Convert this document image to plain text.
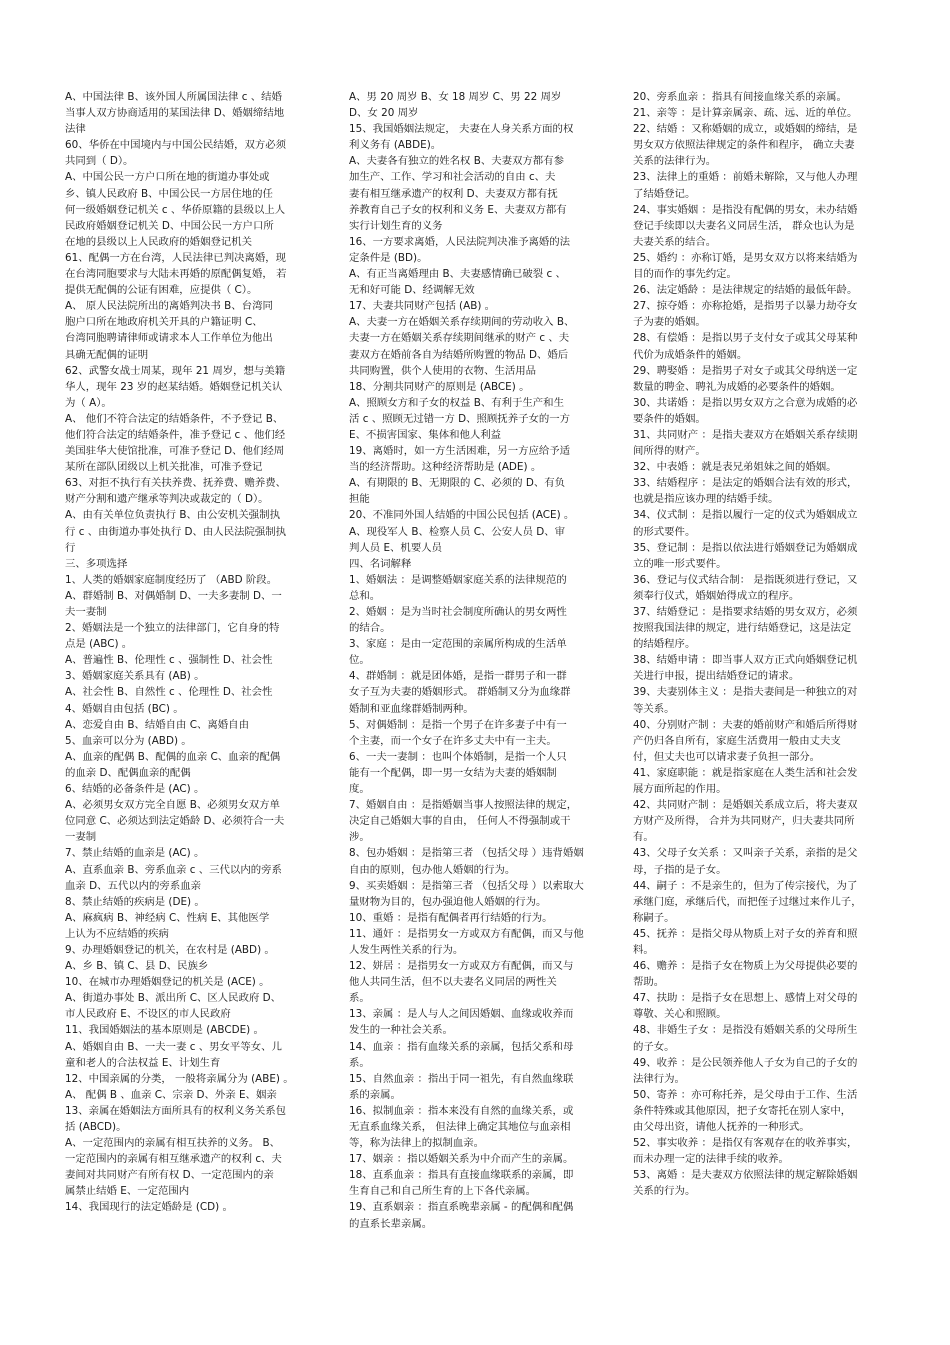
A、中国法律 B、该外国人所属国法律 c 、结婚
当事人双方协商适用的某国法律 D、婚姻缔结地
法律
60、华侨在中国境内与中国公民结婚，双方必须
共同到（ D）。
A、中国公民一方户口所在地的街道办事处或
乡、镇人民政府 B、中国公民一方居住地的任
何一级婚姻登记机关 c 、华侨原籍的县级以上人
民政府婚姻登记机关 D、中国公民一方户口所
在地的县级以上人民政府的婚姻登记机关
61、配偶一方在台湾，人民法律已判决离婚，现
在台湾同胞要求与大陆未再婚的原配偶复婚， 若
提供无配偶的公证有困难，应提供（ C）。
A、 原人民法院所出的离婚判决书 B、台湾同
胞户口所在地政府机关开具的户籍证明 C、
台湾同胞聘请律师或请求本人工作单位为他出
具确无配偶的证明
62、武警女战士周某，现年 21 周岁，想与美籍
华人，现年 23 岁的赵某结婚。婚姻登记机关认
为（ A）。
A、 他们不符合法定的结婚条件，不予登记 B、
他们符合法定的结婚条件，准予登记 c 、他们经
美国驻华大使馆批准，可准予登记 D、他们经周
某所在部队团级以上机关批准，可准予登记
63、对拒不执行有关扶养费、抚养费、赡养费、
财产分割和遗产继承等判决或裁定的（ D）。
A、由有关单位负责执行 B、由公安机关强制执
行 c 、由街道办事处执行 D、由人民法院强制执
行
三、多项选择
1、人类的婚姻家庭制度经历了 （ABD 阶段。
A、群婚制 B、对偶婚制 D、一夫多妻制 D、一
夫一妻制
2、婚姻法是一个独立的法律部门，它自身的特
点是 (ABC) 。
A、普遍性 B、伦理性 c 、强制性 D、社会性
3、婚姻家庭关系具有 (AB) 。
A、社会性 B、自然性 c 、伦理性 D、社会性
4、婚姻自由包括 (BC) 。
A、恋爱自由 B、结婚自由 C、离婚自由
5、血亲可以分为 (ABD) 。
A、血亲的配偶 B、配偶的血亲 C、血亲的配偶
的血亲 D、配偶血亲的配偶
6、结婚的必备条件是 (AC) 。
A、必须男女双方完全自愿 B、必须男女双方单
位同意 C、必须达到法定婚龄 D、必须符合一夫
一妻制
7、禁止结婚的血亲是 (AC) 。
A、直系血亲 B、旁系血亲 c 、三代以内的旁系
血亲 D、五代以内的旁系血亲
8、禁止结婚的疾病是 (DE) 。
A、麻疯病 B、神经病 C、性病 E、其他医学
上认为不应结婚的疾病
9、办理婚姻登记的机关，在农村是 (ABD) 。
A、乡 B、镇 C、县 D、民族乡
10、在城市办理婚姻登记的机关是 (ACE) 。
A、街道办事处 B、派出所 C、区人民政府 D、
市人民政府 E、不设区的市人民政府
11、我国婚姻法的基本原则是 (ABCDE) 。
A、婚姻自由 B、一夫一妻 c 、男女平等女、儿
童和老人的合法权益 E、计划生育
12、中国亲属的分类， 一般将亲属分为 (ABE) 。
A、 配偶 B 、血亲 C、宗亲 D、外亲 E、姻亲
13、亲属在婚姻法方面所具有的权利义务关系包
括 (ABCD)。
A、一定范围内的亲属有相互扶养的义务。 B、
一定范围内的亲属有相互继承遗产的权利 c、夫
妻间对共同财产有所有权 D、一定范围内的亲
属禁止结婚 E、一定范围内
14、我国现行的法定婚龄是 (CD) 。
A、男 20 周岁 B、女 18 周岁 C、男 22 周岁
D、女 20 周岁
15、我国婚姻法规定， 夫妻在人身关系方面的权
利义务有 (ABDE)。
A、夫妻各有独立的姓名权 B、夫妻双方都有参
加生产、工作、学习和社会活动的自由 c、夫
妻有相互继承遗产的权利 D、夫妻双方都有抚
养教育自己子女的权利和义务 E、夫妻双方都有
实行计划生育的义务
16、一方要求离婚，人民法院判决准予离婚的法
定条件是 (BD)。
A、有正当离婚理由 B、夫妻感情确已破裂 c 、
无和好可能 D、经调解无效
17、夫妻共同财产包括 (AB) 。
A、夫妻一方在婚姻关系存续期间的劳动收入 B、
夫妻一方在婚姻关系存续期间继承的财产 c 、夫
妻双方在婚前各自为结婚所购置的物品 D、婚后
共同购置，供个人使用的衣物、生活用品
18、分割共同财产的原则是 (ABCE) 。
A、照顾女方和子女的权益 B、有利于生产和生
活 c 、照顾无过错一方 D、照顾抚养子女的一方
E、不损害国家、集体和他人利益
19、离婚时，如一方生活困难，另一方应给予适
当的经济帮助。这种经济帮助是 (ADE) 。
A、有期限的 B、无期限的 C、必须的 D、有负
担能
20、不准同外国人结婚的中国公民包括 (ACE) 。
A、现役军人 B、检察人员 C、公安人员 D、审
判人员 E、机要人员
四、名词解释
1、婚姻法 ：是调整婚姻家庭关系的法律规范的
总和。
2、婚姻 ：是为当时社会制度所确认的男女两性
的结合。
3、家庭 ：是由一定范围的亲属所构成的生活单
位。
4、群婚制 ：就是团体婚，是指一群男子和一群
女子互为夫妻的婚姻形式。 群婚制又分为血缘群
婚制和亚血缘群婚制两种。
5、对偶婚制 ：是指一个男子在许多妻子中有一
个主妻，而一个女子在许多丈夫中有一主夫。
6、一夫一妻制 ：也叫个体婚制，是指一个人只
能有一个配偶，即一男一女结为夫妻的婚姻制
度。
7、婚姻自由 ：是指婚姻当事人按照法律的规定，
决定自己婚姻大事的自由， 任何人不得强制或干
涉。
8、包办婚姻 ：是指第三者 （包括父母 ）违背婚姻
自由的原则，包办他人婚姻的行为。
9、买卖婚姻 ：是指第三者 （包括父母 ）以索取大
量财物为目的，包办强迫他人婚姻的行为。
10、重婚 ：是指有配偶者再行结婚的行为。
11、通奸 ：是指男女一方或双方有配偶，而又与他
人发生两性关系的行为。
12、姘居 ：是指男女一方或双方有配偶，而又与
他人共同生活，但不以夫妻名义同居的两性关
系。
13、亲属 ：是人与人之间因婚姻、血缘或收养而
发生的一种社会关系。
14、血亲 ：指有血缘关系的亲属，包括父系和母
系。
15、自然血亲 ：指出于同一祖先，有自然血缘联
系的亲属。
16、拟制血亲 ：指本来没有自然的血缘关系，或
无直系血缘关系， 但法律上确定其地位与血亲相
等，称为法律上的拟制血亲。
17、姻亲 ：指以婚姻关系为中介而产生的亲属。
18、直系血亲 ：指具有直接血缘联系的亲属，即
生育自己和自己所生育的上下各代亲属。
19、直系姻亲 ：指直系晚辈亲属 - 的配偶和配偶
的直系长辈亲属。
20、旁系血亲 ：指具有间接血缘关系的亲属。
21、亲等 ：是计算亲属亲、疏、远、近的单位。
22、结婚 ：又称婚姻的成立，或婚姻的缔结，是
男女双方依照法律规定的条件和程序， 确立夫妻
关系的法律行为。
23、法律上的重婚 ：前婚未解除，又与他人办理
了结婚登记。
24、事实婚姻 ：是指没有配偶的男女，未办结婚
登记手续即以夫妻名义同居生活， 群众也认为是
夫妻关系的结合。
25、婚约 ：亦称订婚，是男女双方以将来结婚为
目的而作的事先约定。
26、法定婚龄 ：是法律规定的结婚的最低年龄。
27、掠夺婚 ：亦称抢婚，是指男子以暴力劫夺女
子为妻的婚姻。
28、有偿婚 ：是指以男子支付女子或其父母某种
代价为成婚条件的婚姻。
29、聘娶婚 ：是指男子对女子或其父母纳送一定
数量的聘金、聘礼为成婚的必要条件的婚姻。
30、共诺婚 ：是指以男女双方之合意为成婚的必
要条件的婚姻。
31、共同财产 ：是指夫妻双方在婚姻关系存续期
间所得的财产。
32、中表婚 ：就是表兄弟姐妹之间的婚姻。
33、结婚程序 ：是法定的婚姻合法有效的形式，
也就是指应该办理的结婚手续。
34、仪式制 ：是指以履行一定的仪式为婚姻成立
的形式要件。
35、登记制 ：是指以依法进行婚姻登记为婚姻成
立的唯一形式要件。
36、登记与仪式结合制： 是指既须进行登记，又
须奉行仪式，婚姻始得成立的程序。
37、结婚登记 ：是指要求结婚的男女双方，必须
按照我国法律的规定，进行结婚登记，这是法定
的结婚程序。
38、结婚申请 ：即当事人双方正式向婚姻登记机
关进行申报，提出结婚登记的请求。
39、夫妻别体主义 ：是指夫妻间是一种独立的对
等关系。
40、分别财产制 ：夫妻的婚前财产和婚后所得财
产仍归各自所有，家庭生活费用一般由丈夫支
付，但丈夫也可以请求妻子负担一部分。
41、家庭职能 ：就是指家庭在人类生活和社会发
展方面所起的作用。
42、共同财产制 ：是婚姻关系成立后，将夫妻双
方财产及所得， 合并为共同财产，归夫妻共同所
有。
43、父母子女关系 ：又叫亲子关系，亲指的是父
母，子指的是子女。
44、嗣子 ：不是亲生的，但为了传宗接代，为了
承继门庭，承继后代，而把侄子过继过来作儿子，
称嗣子。
45、抚养 ：是指父母从物质上对子女的养育和照
料。
46、赡养 ：是指子女在物质上为父母提供必要的
帮助。
47、扶助 ：是指子女在思想上、感情上对父母的
尊敬、关心和照顾。
48、非婚生子女 ：是指没有婚姻关系的父母所生
的子女。
49、收养 ：是公民领养他人子女为自己的子女的
法律行为。
50、寄养 ：亦可称托养，是父母由于工作、生活
条件特殊或其他原因，把子女寄托在别人家中，
由父母出资，请他人抚养的一种形式。
52、事实收养 ：是指仅有客观存在的收养事实，
而未办理一定的法律手续的收养。
53、离婚 ：是夫妻双方依照法律的规定解除婚姻
关系的行为。
